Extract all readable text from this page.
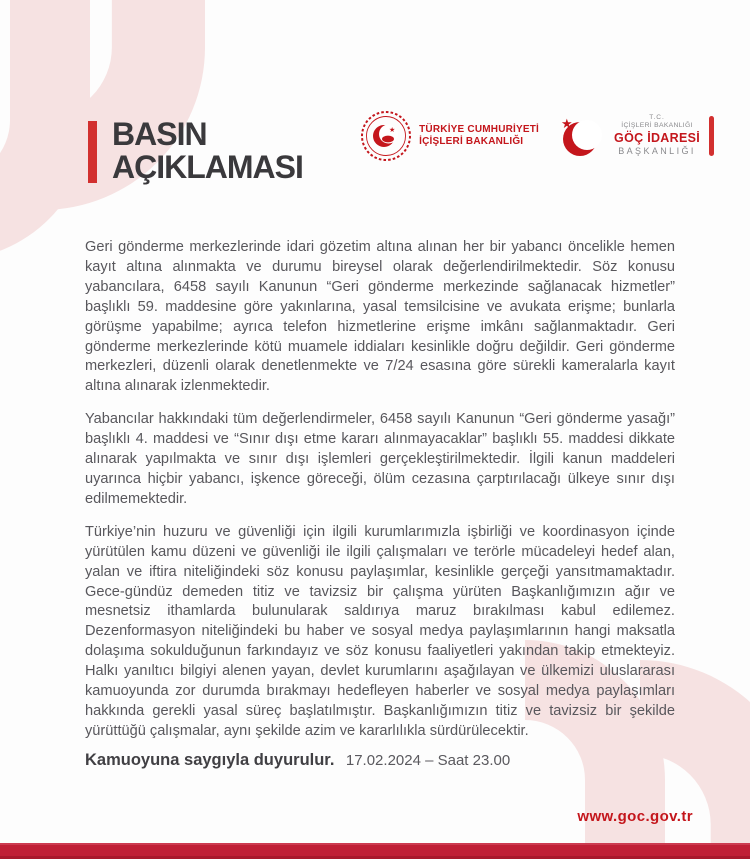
BASIN
AÇIKLAMASI
★ TÜRKİYE CUMHURİYETİ
İÇİŞLERİ BAKANLIĞI
★	T.C.
İÇİŞLERİ BAKANLIĞI
GÖÇ İDARESİ
BAŞKANLIĞI

Geri gönderme merkezlerinde idari gözetim altına alınan her bir yabancı öncelikle hemen kayıt altına alınmakta ve durumu bireysel olarak değerlendirilmektedir. Söz konusu yabancılara, 6458 sayılı Kanunun “Geri gönderme merkezinde sağlanacak hizmetler” başlıklı 59. maddesine göre yakınlarına, yasal temsilcisine ve avukata erişme; bunlarla görüşme yapabilme; ayrıca telefon hizmetlerine erişme imkânı sağlanmaktadır. Geri gönderme merkezlerinde kötü muamele iddiaları kesinlikle doğru değildir. Geri gönderme merkezleri, düzenli olarak denetlenmekte ve 7/24 esasına göre sürekli kameralarla kayıt altına alınarak izlenmektedir.

Yabancılar hakkındaki tüm değerlendirmeler, 6458 sayılı Kanunun “Geri gönderme yasağı” başlıklı 4. maddesi ve “Sınır dışı etme kararı alınmayacaklar” başlıklı 55. maddesi dikkate alınarak yapılmakta ve sınır dışı işlemleri gerçekleştirilmektedir. İlgili kanun maddeleri uyarınca hiçbir yabancı, işkence göreceği, ölüm cezasına çarptırılacağı ülkeye sınır dışı edilmemektedir.

Türkiye’nin huzuru ve güvenliği için ilgili kurumlarımızla işbirliği ve koordinasyon içinde yürütülen kamu düzeni ve güvenliği ile ilgili çalışmaları ve terörle mücadeleyi hedef alan, yalan ve iftira niteliğindeki söz konusu paylaşımlar, kesinlikle gerçeği yansıtmamaktadır. Gece-gündüz demeden titiz ve tavizsiz bir çalışma yürüten Başkanlığımızın ağır ve mesnetsiz ithamlarda bulunularak saldırıya maruz bırakılması kabul edilemez. Dezenformasyon niteliğindeki bu haber ve sosyal medya paylaşımlarının hangi maksatla dolaşıma sokulduğunun farkındayız ve söz konusu faaliyetleri yakından takip etmekteyiz. Halkı yanıltıcı bilgiyi alenen yayan, devlet kurumlarını aşağılayan ve ülkemizi uluslararası kamuoyunda zor durumda bırakmayı hedefleyen haberler ve sosyal medya paylaşımları hakkında gerekli yasal süreç başlatılmıştır. Başkanlığımızın titiz ve tavizsiz bir şekilde yürüttüğü çalışmalar, aynı şekilde azim ve kararlılıkla sürdürülecektir.

Kamuoyuna saygıyla duyurulur. 17.02.2024 – Saat 23.00
www.goc.gov.tr
